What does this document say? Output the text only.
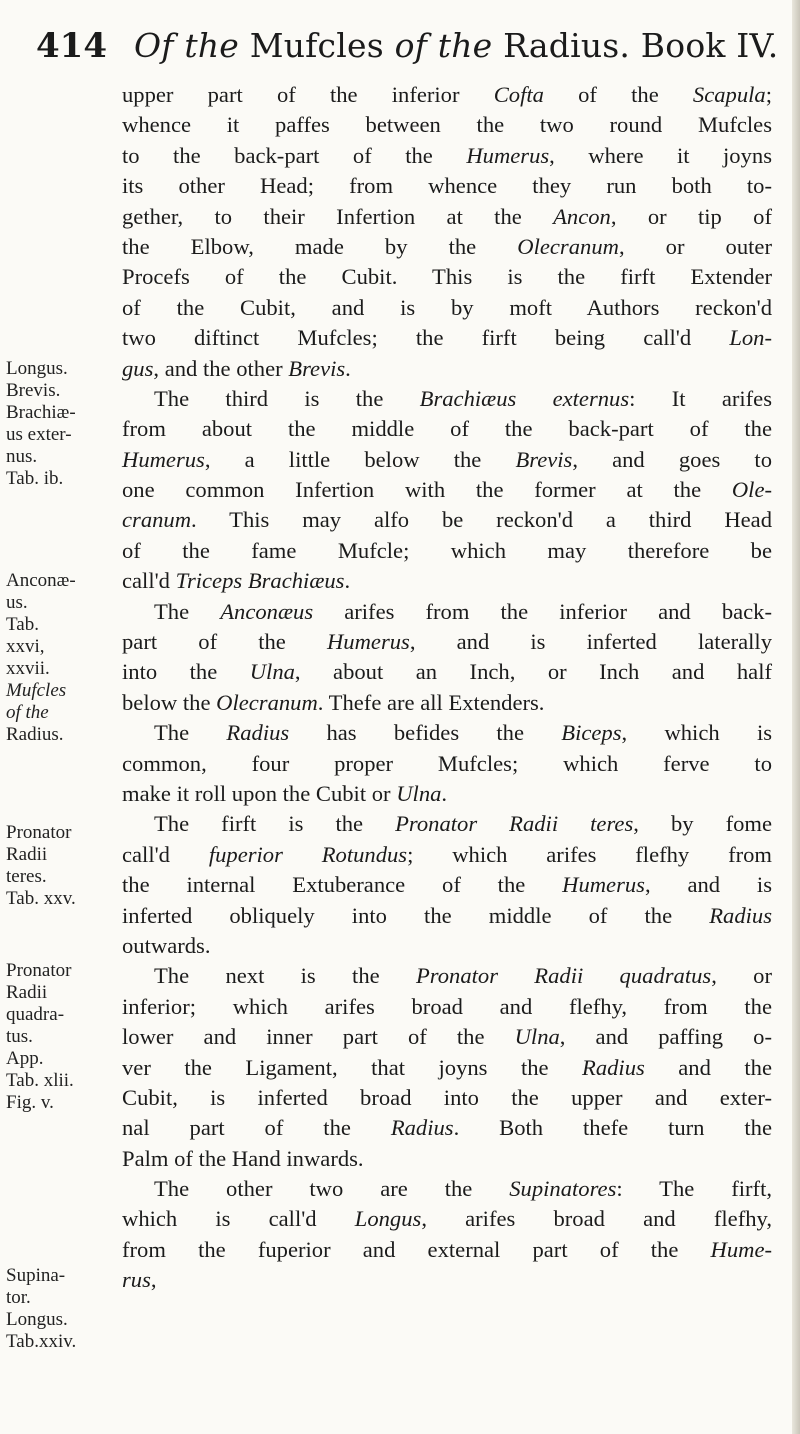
414 Of the Mufcles of the Radius. Book IV.
Longus.
Brevis.
Brachiæ-
us exter-
nus.
Tab. ib.
Anconæ-
us.
Tab.
xxvi,
xxvii.
Mufcles
of the
Radius.
Pronator
Radii
teres.
Tab. xxv.
Pronator
Radii
quadra-
tus.
App.
Tab. xlii.
Fig. v.
Supina-
tor.
Longus.
Tab.xxiv.
upper part of the inferior Cofta of the Scapula;
whence it paffes between the two round Mufcles
to the back-part of the Humerus, where it joyns
its other Head; from whence they run both to-
gether, to their Infertion at the Ancon, or tip of
the Elbow, made by the Olecranum, or outer
Procefs of the Cubit. This is the firft Extender
of the Cubit, and is by moft Authors reckon'd
two diftinct Mufcles; the firft being call'd Lon-
gus, and the other Brevis.
The third is the Brachiæus externus: It arifes
from about the middle of the back-part of the
Humerus, a little below the Brevis, and goes to
one common Infertion with the former at the Ole-
cranum. This may alfo be reckon'd a third Head
of the fame Mufcle; which may therefore be
call'd Triceps Brachiæus.
The Anconæus arifes from the inferior and back-
part of the Humerus, and is inferted laterally
into the Ulna, about an Inch, or Inch and half
below the Olecranum. Thefe are all Extenders.
The Radius has befides the Biceps, which is
common, four proper Mufcles; which ferve to
make it roll upon the Cubit or Ulna.
The firft is the Pronator Radii teres, by fome
call'd fuperior Rotundus; which arifes flefhy from
the internal Extuberance of the Humerus, and is
inferted obliquely into the middle of the Radius
outwards.
The next is the Pronator Radii quadratus, or
inferior; which arifes broad and flefhy, from the
lower and inner part of the Ulna, and paffing o-
ver the Ligament, that joyns the Radius and the
Cubit, is inferted broad into the upper and exter-
nal part of the Radius. Both thefe turn the
Palm of the Hand inwards.
The other two are the Supinatores: The firft,
which is call'd Longus, arifes broad and flefhy,
from the fuperior and external part of the Hume-
rus,
